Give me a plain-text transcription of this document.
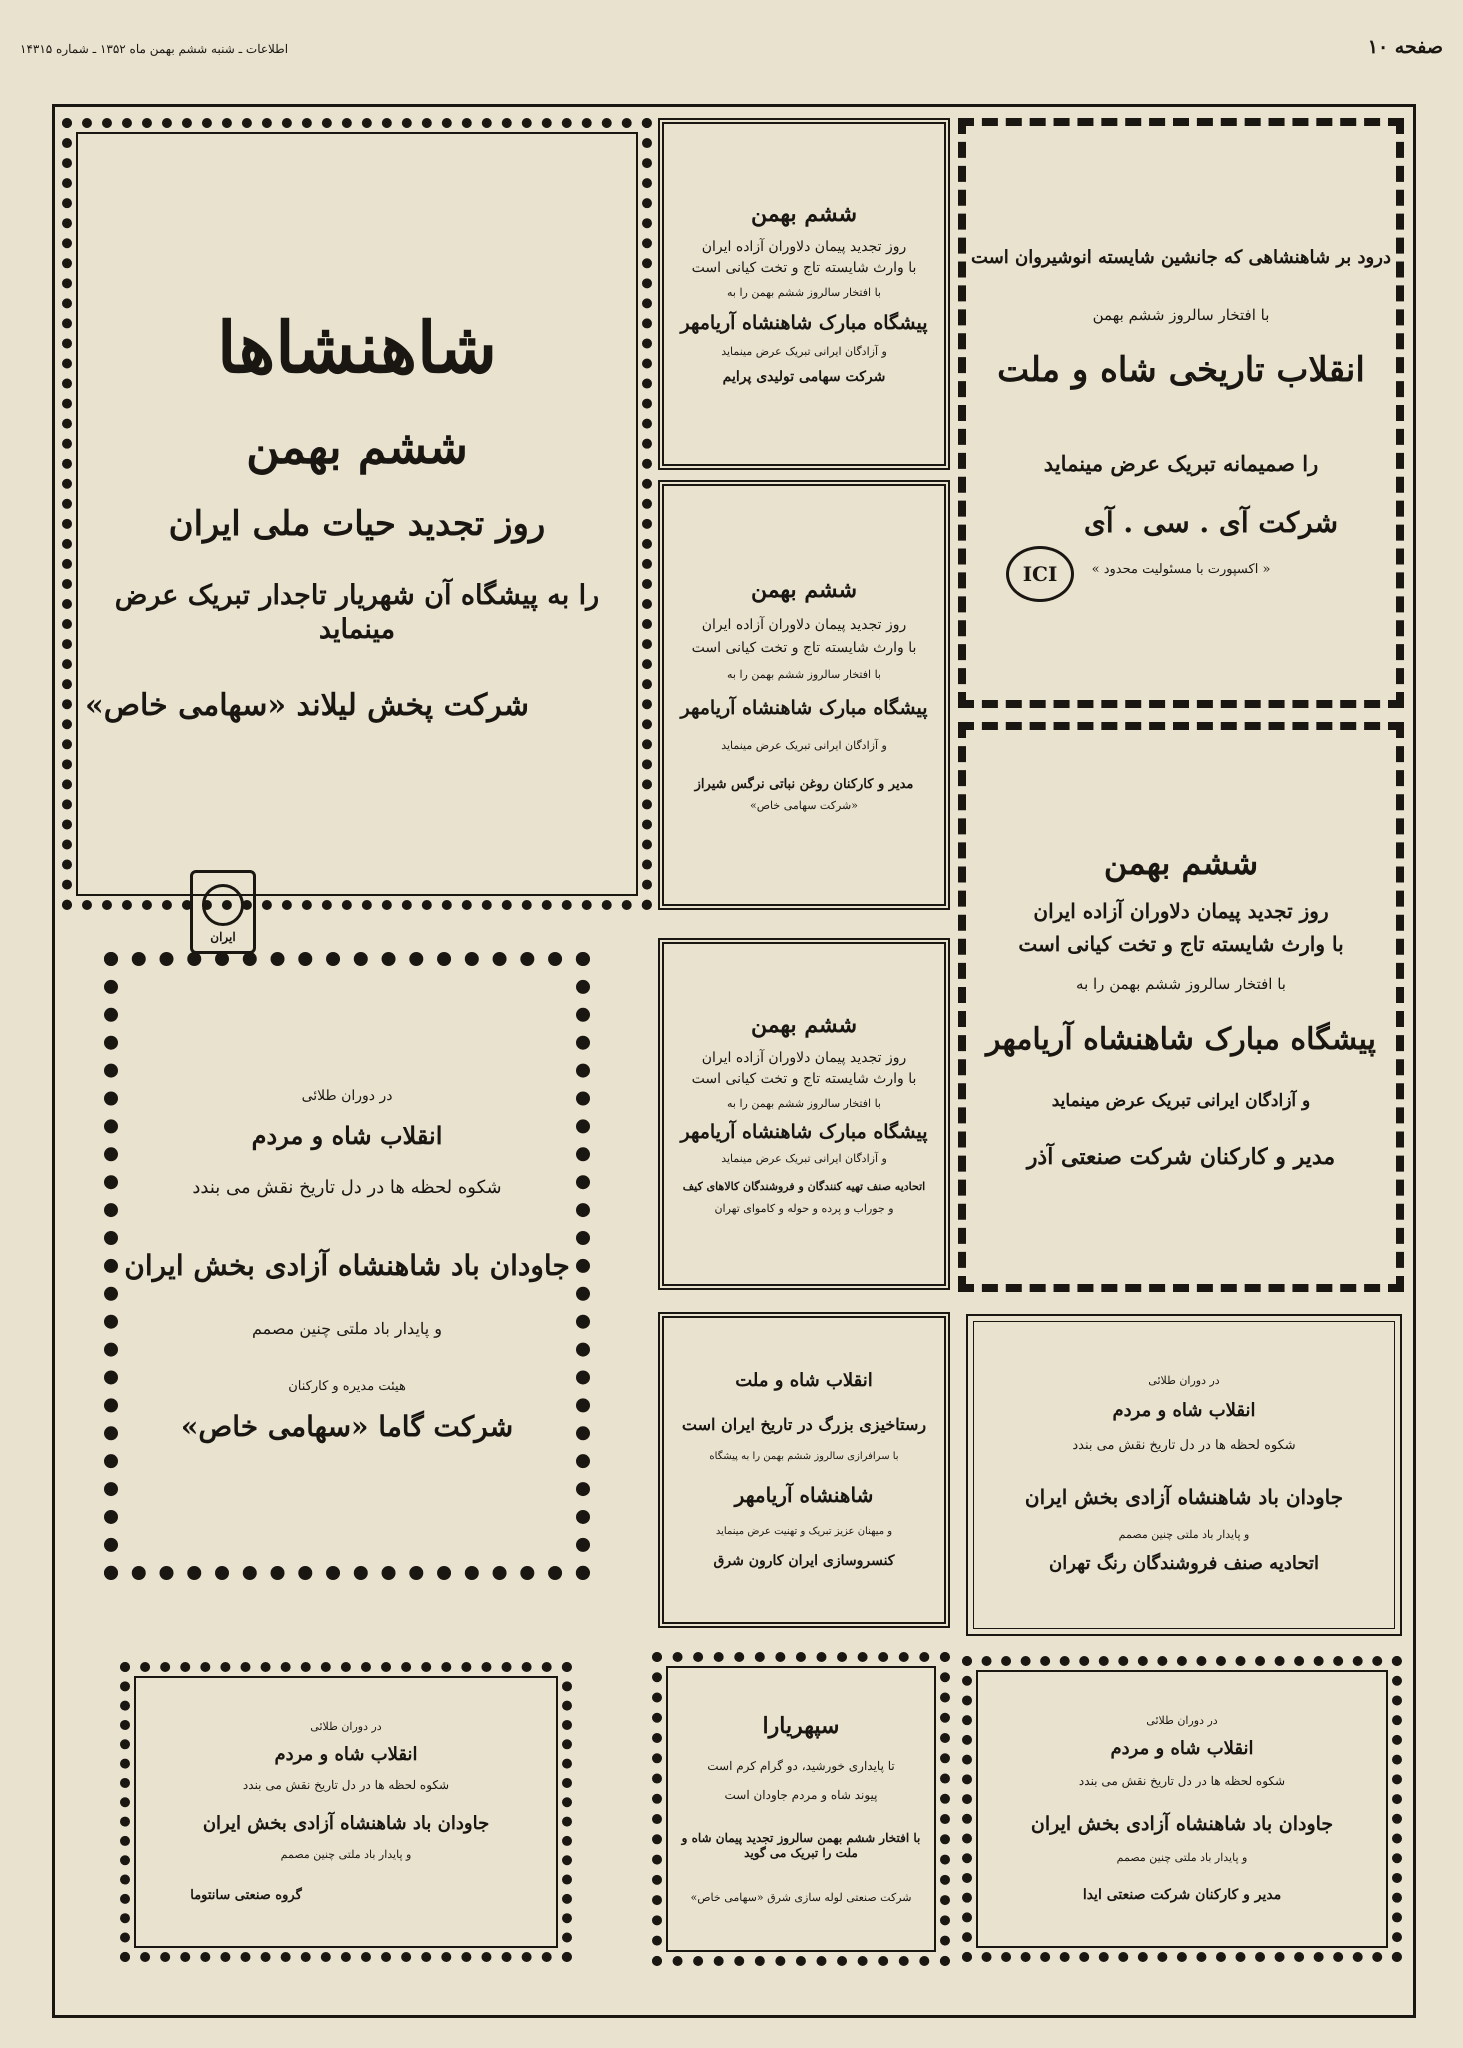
صفحه ۱۰
اطلاعات ـ شنبه ششم بهمن ماه ۱۳۵۲ ـ شماره ۱۴۳۱۵
شاهنشاها
ششم بهمن
روز تجدید حیات ملی ایران
را به پیشگاه آن شهریار تاجدار تبریک عرض مینماید
شرکت پخش لیلاند «سهامی خاص»
ایران
ششم بهمن
روز تجدید پیمان دلاوران آزاده ایران
با وارث شایسته تاج و تخت کیانی است
با افتخار سالروز ششم بهمن را به
پیشگاه مبارک شاهنشاه آریامهر
و آزادگان ایرانی تبریک عرض مینماید
شرکت سهامی تولیدی پرایم
درود بر شاهنشاهی که جانشین شایسته انوشیروان است
با افتخار سالروز ششم بهمن
انقلاب تاریخی شاه و ملت
را صمیمانه تبریک عرض مینماید
شرکت آی . سی . آی
« اکسپورت با مسئولیت محدود »
ICI
ششم بهمن
روز تجدید پیمان دلاوران آزاده ایران
با وارث شایسته تاج و تخت کیانی است
با افتخار سالروز ششم بهمن را به
پیشگاه مبارک شاهنشاه آریامهر
و آزادگان ایرانی تبریک عرض مینماید
مدیر و کارکنان روغن نباتی نرگس شیراز
«شرکت سهامی خاص»
ششم بهمن
روز تجدید پیمان دلاوران آزاده ایران
با وارث شایسته تاج و تخت کیانی است
با افتخار سالروز ششم بهمن را به
پیشگاه مبارک شاهنشاه آریامهر
و آزادگان ایرانی تبریک عرض مینماید
مدیر و کارکنان شرکت صنعتی آذر
در دوران طلائی
انقلاب شاه و مردم
شکوه لحظه ها در دل تاریخ نقش می بندد
جاودان باد شاهنشاه آزادی بخش ایران
و پایدار باد ملتی چنین مصمم
هیئت مدیره و کارکنان
شرکت گاما «سهامی خاص»
ششم بهمن
روز تجدید پیمان دلاوران آزاده ایران
با وارث شایسته تاج و تخت کیانی است
با افتخار سالروز ششم بهمن را به
پیشگاه مبارک شاهنشاه آریامهر
و آزادگان ایرانی تبریک عرض مینماید
اتحادیه صنف تهیه کنندگان و فروشندگان کالاهای کیف
و جوراب و پرده و حوله و کاموای تهران
انقلاب شاه و ملت
رستاخیزی بزرگ در تاریخ ایران است
با سرافرازی سالروز ششم بهمن را به پیشگاه
شاهنشاه آریامهر
و میهنان عزیز تبریک و تهنیت عرض مینماید
کنسروسازی ایران کارون شرق
در دوران طلائی
انقلاب شاه و مردم
شکوه لحظه ها در دل تاریخ نقش می بندد
جاودان باد شاهنشاه آزادی بخش ایران
و پایدار باد ملتی چنین مصمم
اتحادیه صنف فروشندگان رنگ تهران
در دوران طلائی
انقلاب شاه و مردم
شکوه لحظه ها در دل تاریخ نقش می بندد
جاودان باد شاهنشاه آزادی بخش ایران
و پایدار باد ملتی چنین مصمم
گروه صنعتی سانتوما
سپهریارا
تا پایداری خورشید، دو گرام کرم است
پیوند شاه و مردم جاودان است
با افتخار ششم بهمن سالروز تجدید پیمان شاه و ملت را تبریک می گوید
شرکت صنعتی لوله سازی شرق «سهامی خاص»
در دوران طلائی
انقلاب شاه و مردم
شکوه لحظه ها در دل تاریخ نقش می بندد
جاودان باد شاهنشاه آزادی بخش ایران
و پایدار باد ملتی چنین مصمم
مدیر و کارکنان شرکت صنعتی ایدا
